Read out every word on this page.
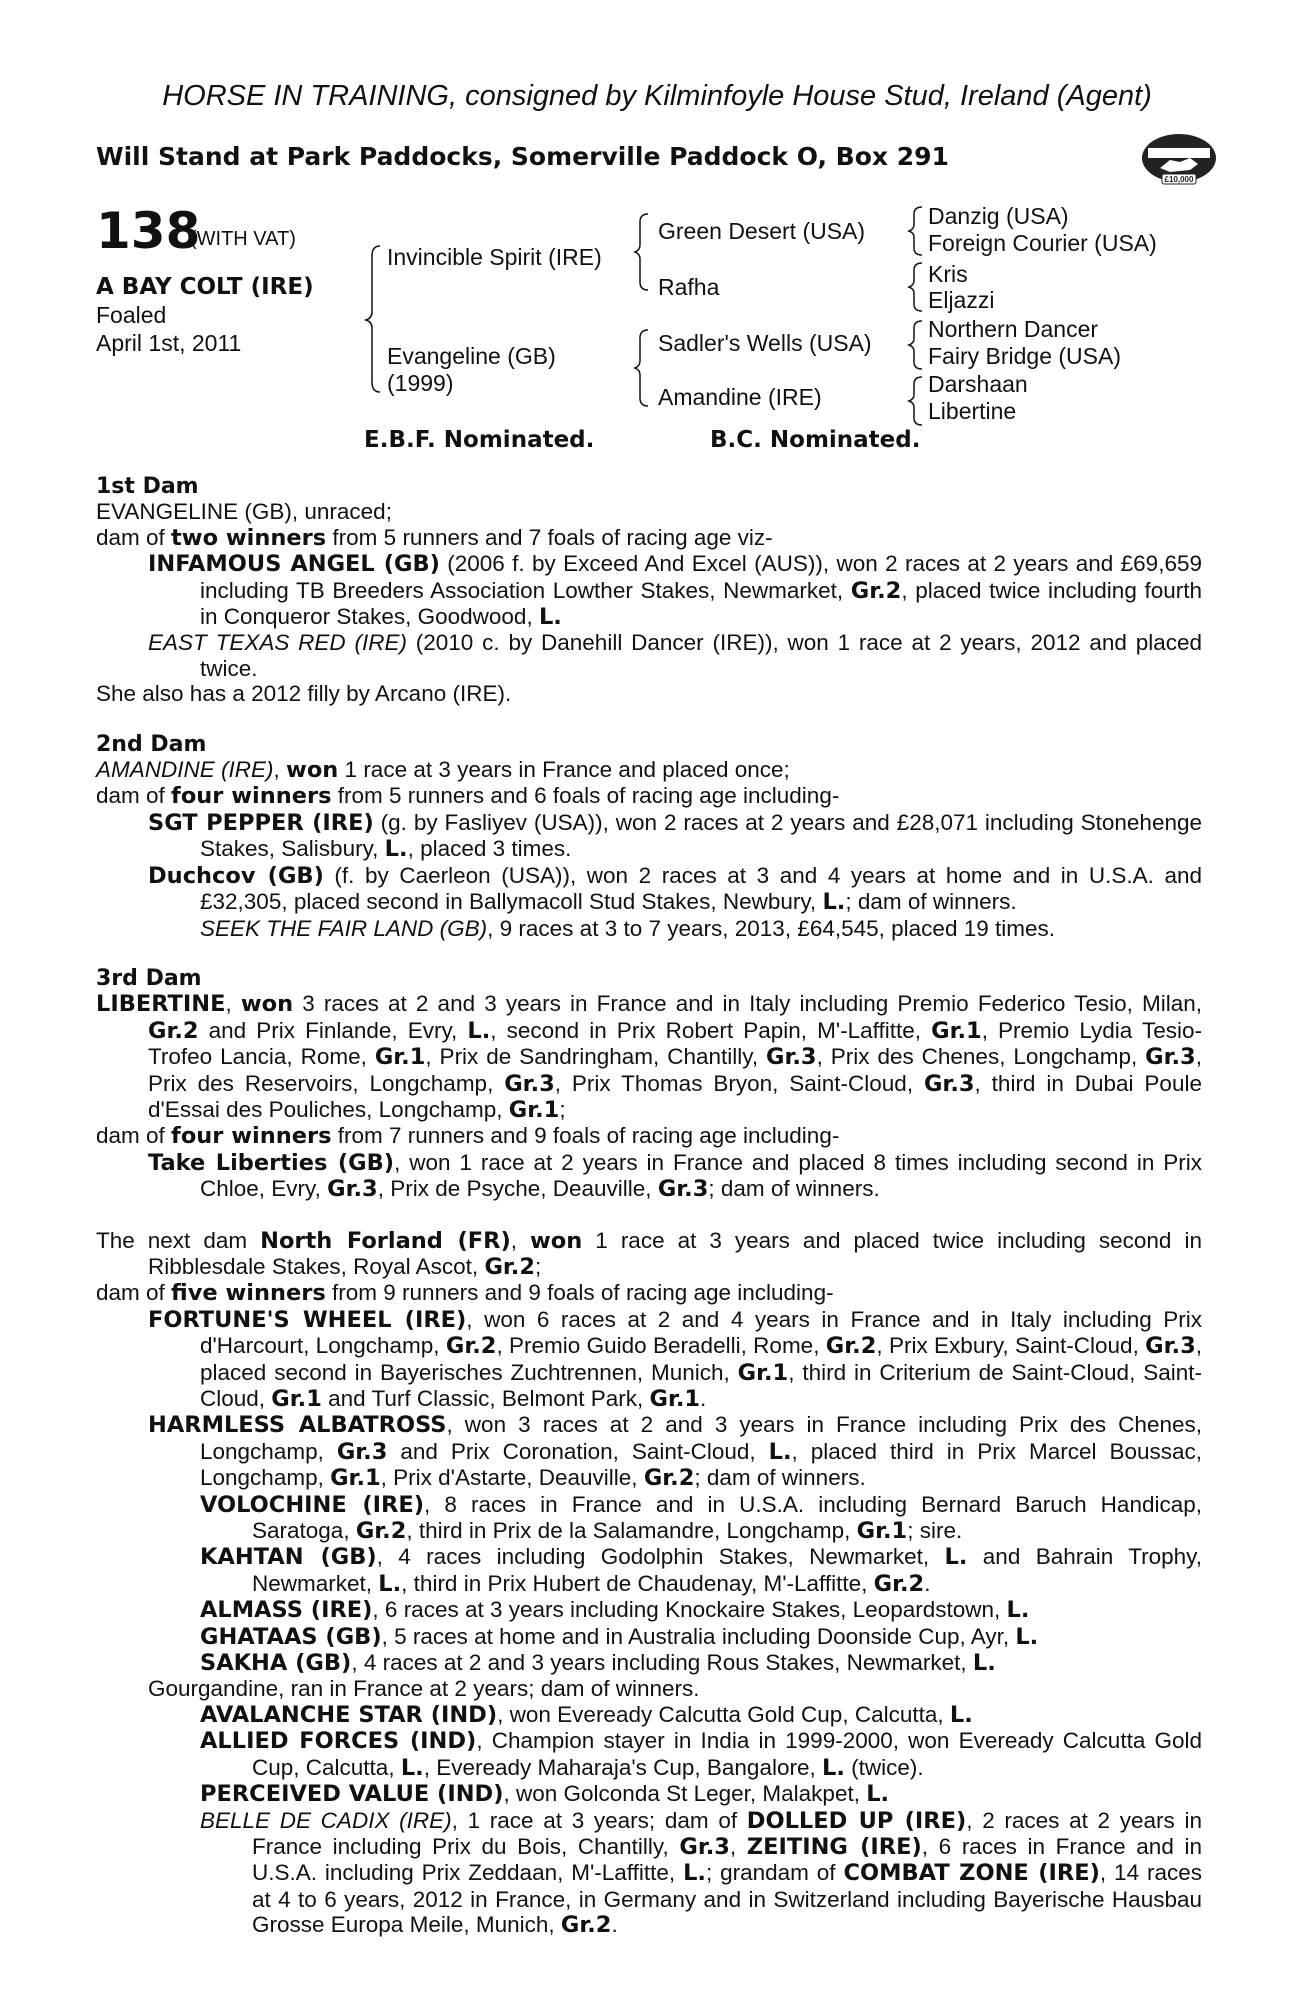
HORSE IN TRAINING, consigned by Kilminfoyle House Stud, Ireland (Agent)
Will Stand at Park Paddocks, Somerville Paddock O, Box 291
£10,000
138
(WITH VAT)
A BAY COLT (IRE)
Foaled
April 1st, 2011
Invincible Spirit (IRE)
Evangeline (GB)
(1999)
Green Desert (USA)
Rafha
Sadler's Wells (USA)
Amandine (IRE)
Danzig (USA)
Foreign Courier (USA)
Kris
Eljazzi
Northern Dancer
Fairy Bridge (USA)
Darshaan
Libertine
E.B.F. Nominated.	B.C. Nominated.

1st Dam

EVANGELINE (GB), unraced;

dam of two winners from 5 runners and 7 foals of racing age viz-

INFAMOUS ANGEL (GB) (2006 f. by Exceed And Excel (AUS)), won 2 races at 2 years and £69,659 including TB Breeders Association Lowther Stakes, Newmarket, Gr.2, placed twice including fourth in Conqueror Stakes, Goodwood, L.

EAST TEXAS RED (IRE) (2010 c. by Danehill Dancer (IRE)), won 1 race at 2 years, 2012 and placed twice.

She also has a 2012 filly by Arcano (IRE).

2nd Dam

AMANDINE (IRE), won 1 race at 3 years in France and placed once;

dam of four winners from 5 runners and 6 foals of racing age including-

SGT PEPPER (IRE) (g. by Fasliyev (USA)), won 2 races at 2 years and £28,071 including Stonehenge Stakes, Salisbury, L., placed 3 times.

Duchcov (GB) (f. by Caerleon (USA)), won 2 races at 3 and 4 years at home and in U.S.A. and £32,305, placed second in Ballymacoll Stud Stakes, Newbury, L.; dam of winners.

SEEK THE FAIR LAND (GB), 9 races at 3 to 7 years, 2013, £64,545, placed 19 times.

3rd Dam

LIBERTINE, won 3 races at 2 and 3 years in France and in Italy including Premio Federico Tesio, Milan, Gr.2 and Prix Finlande, Evry, L., second in Prix Robert Papin, M'-Laffitte, Gr.1, Premio Lydia Tesio-Trofeo Lancia, Rome, Gr.1, Prix de Sandringham, Chantilly, Gr.3, Prix des Chenes, Longchamp, Gr.3, Prix des Reservoirs, Longchamp, Gr.3, Prix Thomas Bryon, Saint-Cloud, Gr.3, third in Dubai Poule d'Essai des Pouliches, Longchamp, Gr.1;

dam of four winners from 7 runners and 9 foals of racing age including-

Take Liberties (GB), won 1 race at 2 years in France and placed 8 times including second in Prix Chloe, Evry, Gr.3, Prix de Psyche, Deauville, Gr.3; dam of winners.

The next dam North Forland (FR), won 1 race at 3 years and placed twice including second in Ribblesdale Stakes, Royal Ascot, Gr.2;

dam of five winners from 9 runners and 9 foals of racing age including-

FORTUNE'S WHEEL (IRE), won 6 races at 2 and 4 years in France and in Italy including Prix d'Harcourt, Longchamp, Gr.2, Premio Guido Beradelli, Rome, Gr.2, Prix Exbury, Saint-Cloud, Gr.3, placed second in Bayerisches Zuchtrennen, Munich, Gr.1, third in Criterium de Saint-Cloud, Saint-Cloud, Gr.1 and Turf Classic, Belmont Park, Gr.1.

HARMLESS ALBATROSS, won 3 races at 2 and 3 years in France including Prix des Chenes, Longchamp, Gr.3 and Prix Coronation, Saint-Cloud, L., placed third in Prix Marcel Boussac, Longchamp, Gr.1, Prix d'Astarte, Deauville, Gr.2; dam of winners.

VOLOCHINE (IRE), 8 races in France and in U.S.A. including Bernard Baruch Handicap, Saratoga, Gr.2, third in Prix de la Salamandre, Longchamp, Gr.1; sire.

KAHTAN (GB), 4 races including Godolphin Stakes, Newmarket, L. and Bahrain Trophy, Newmarket, L., third in Prix Hubert de Chaudenay, M'-Laffitte, Gr.2.

ALMASS (IRE), 6 races at 3 years including Knockaire Stakes, Leopardstown, L.

GHATAAS (GB), 5 races at home and in Australia including Doonside Cup, Ayr, L.

SAKHA (GB), 4 races at 2 and 3 years including Rous Stakes, Newmarket, L.

Gourgandine, ran in France at 2 years; dam of winners.

AVALANCHE STAR (IND), won Eveready Calcutta Gold Cup, Calcutta, L.

ALLIED FORCES (IND), Champion stayer in India in 1999-2000, won Eveready Calcutta Gold Cup, Calcutta, L., Eveready Maharaja's Cup, Bangalore, L. (twice).

PERCEIVED VALUE (IND), won Golconda St Leger, Malakpet, L.

BELLE DE CADIX (IRE), 1 race at 3 years; dam of DOLLED UP (IRE), 2 races at 2 years in France including Prix du Bois, Chantilly, Gr.3, ZEITING (IRE), 6 races in France and in U.S.A. including Prix Zeddaan, M'-Laffitte, L.; grandam of COMBAT ZONE (IRE), 14 races at 4 to 6 years, 2012 in France, in Germany and in Switzerland including Bayerische Hausbau Grosse Europa Meile, Munich, Gr.2.
